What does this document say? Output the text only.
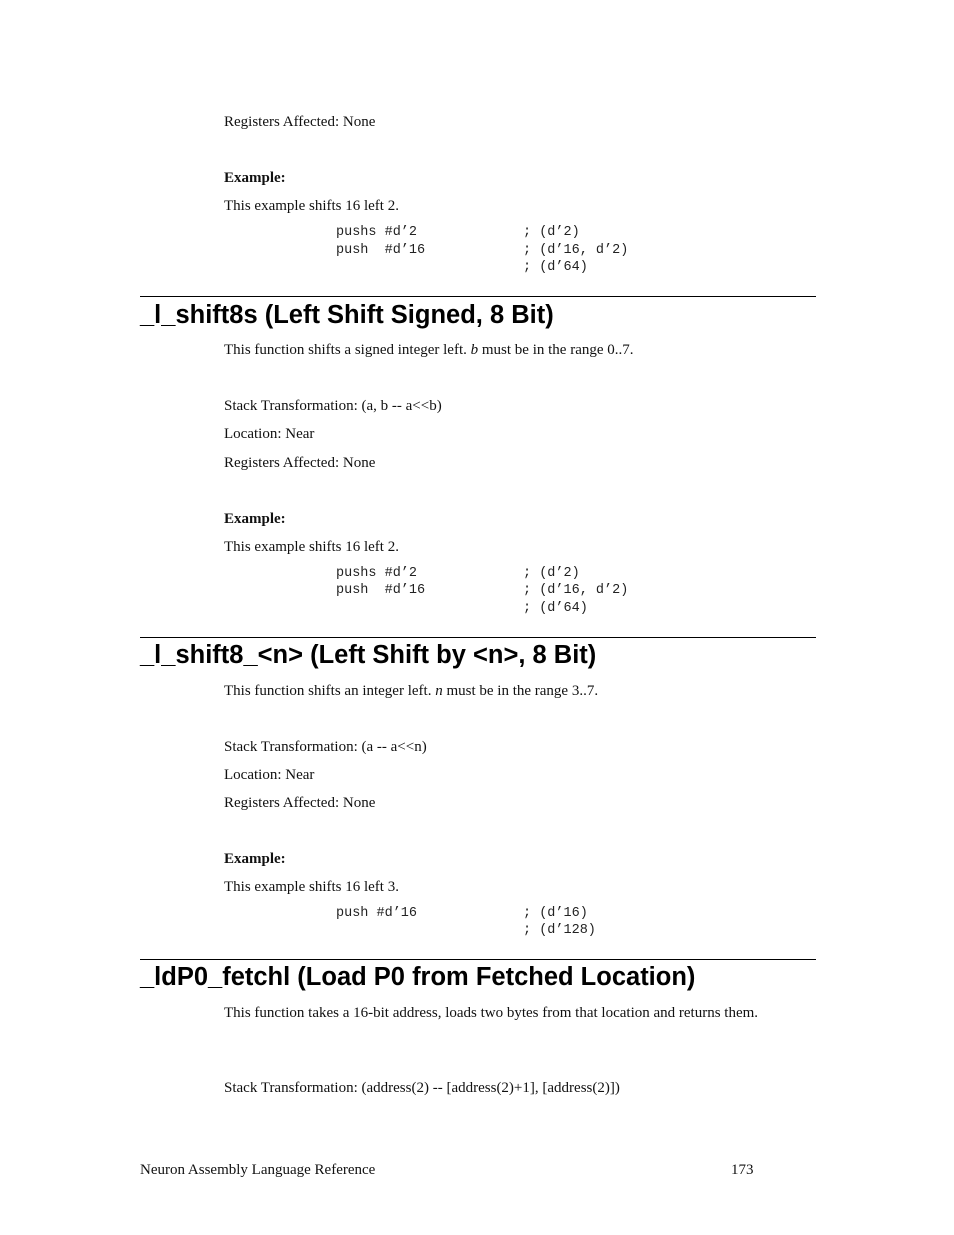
Registers Affected: None
Example:
This example shifts 16 left 2.
pushs #d’2	; (d’2)
push  #d’16	; (d’16, d’2)
; (d’64)
_l_shift8s (Left Shift Signed, 8 Bit)
This function shifts a signed integer left. b must be in the range 0..7.
Stack Transformation: (a, b -- a<<b)
Location: Near
Registers Affected: None
Example:
This example shifts 16 left 2.
pushs #d’2	; (d’2)
push  #d’16	; (d’16, d’2)
; (d’64)
_l_shift8_<n> (Left Shift by <n>, 8 Bit)
This function shifts an integer left. n must be in the range 3..7.
Stack Transformation: (a -- a<<n)
Location: Near
Registers Affected: None
Example:
This example shifts 16 left 3.
push #d’16	; (d’16)
; (d’128)
_ldP0_fetchl (Load P0 from Fetched Location)
This function takes a 16-bit address, loads two bytes from that location and returns them.
Stack Transformation: (address(2) -- [address(2)+1], [address(2)])
Neuron Assembly Language Reference	173
